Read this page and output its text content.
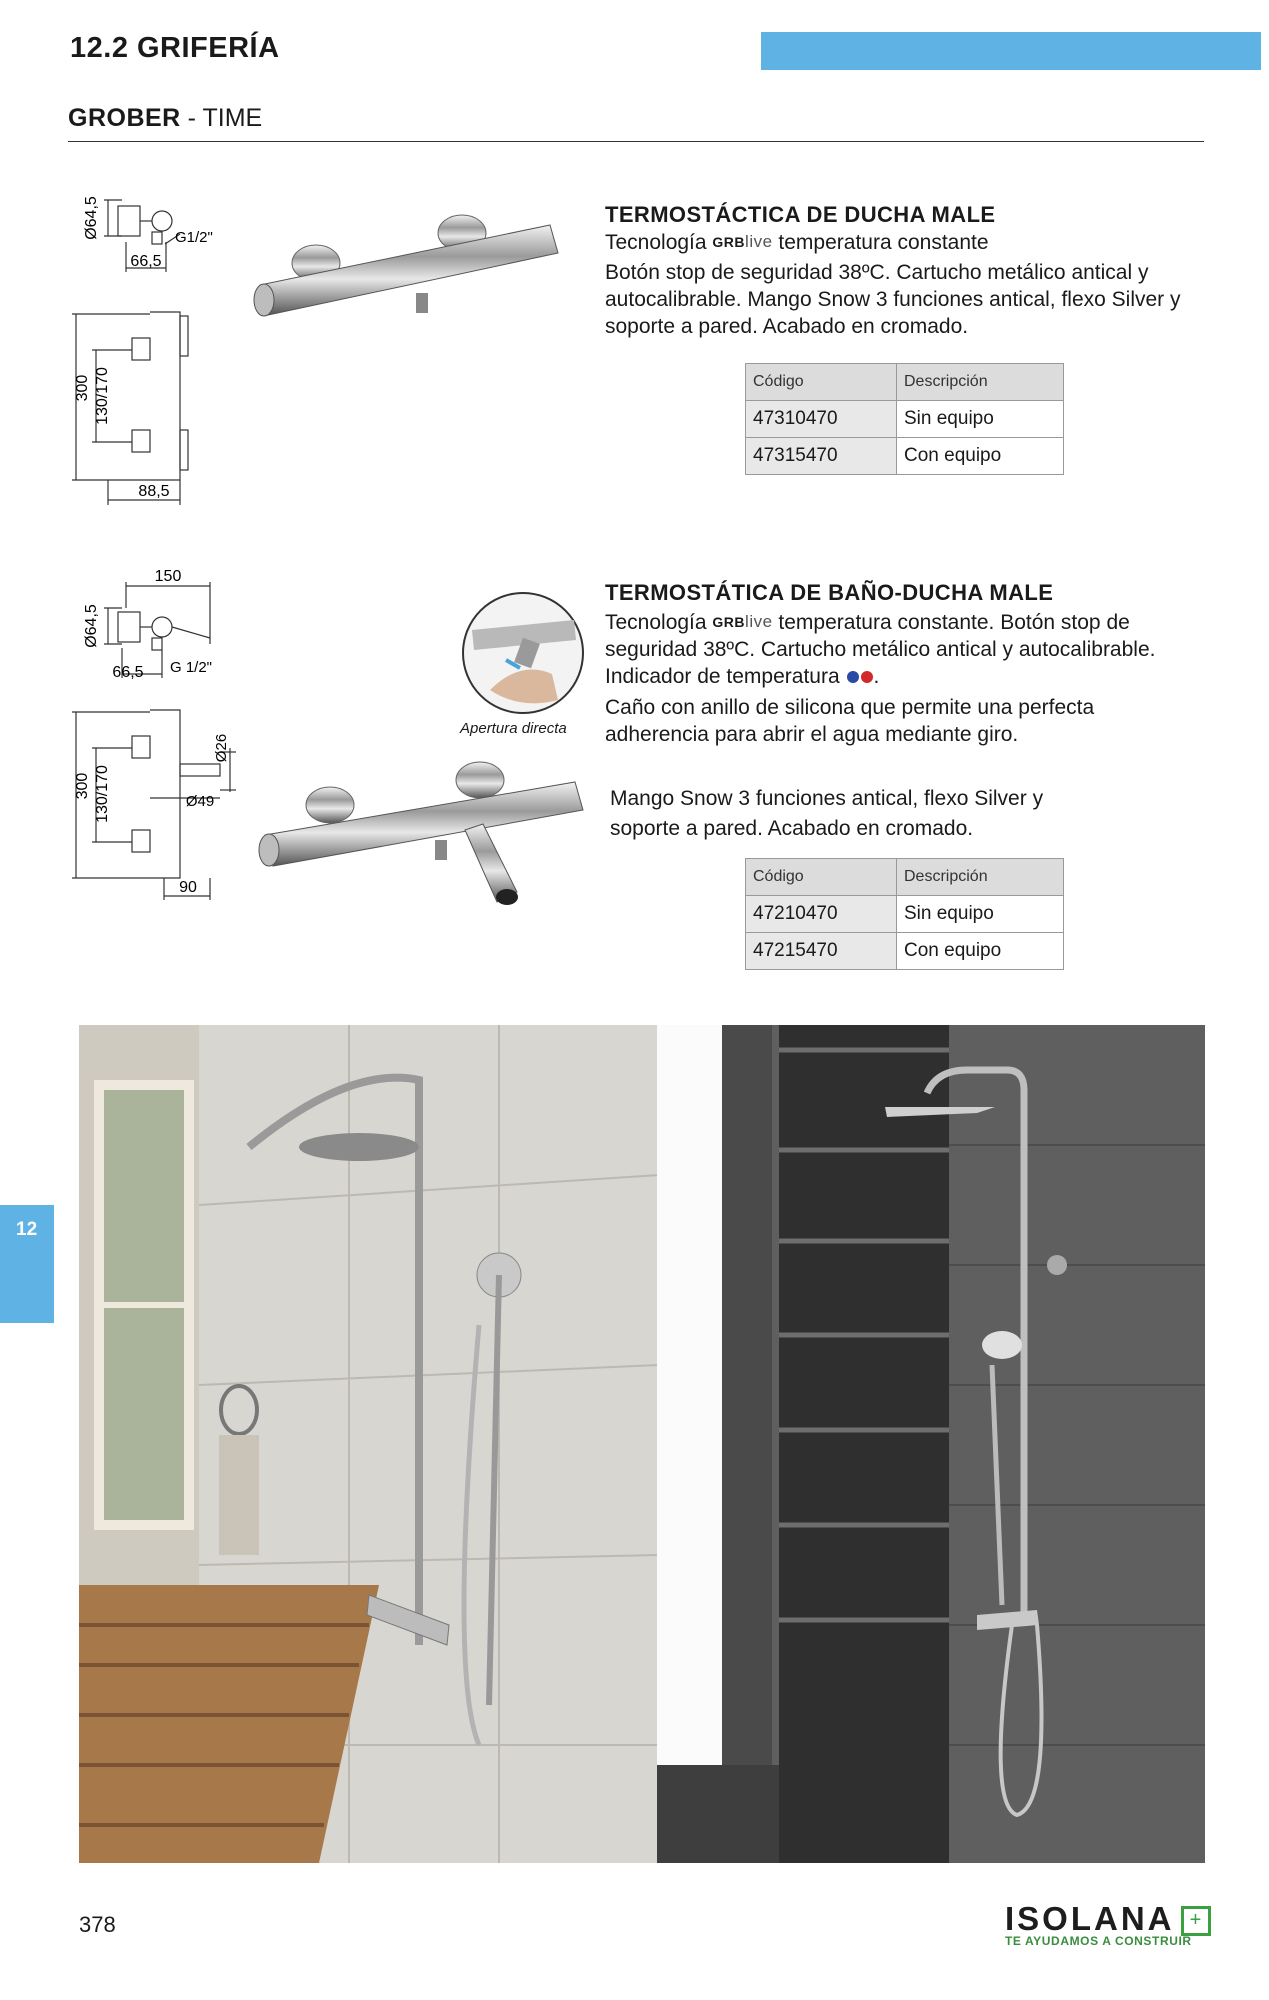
12.2 GRIFERÍA
GROBER - TIME
Ø64,5	G1/2"
66,5
300 130/170
88,5
TERMOSTÁCTICA DE DUCHA MALE
Tecnología GRBlive temperatura constante
Botón stop de seguridad 38ºC. Cartucho metálico antical y autocalibrable. Mango Snow 3 funciones antical, flexo Silver y soporte a pared. Acabado en cromado.
Código	Descripción
47310470	Sin equipo
47315470	Con equipo
150
Ø64,5
66,5 G 1/2"
300 130/170
Ø26
Ø49
90
Apertura directa
TERMOSTÁTICA DE BAÑO-DUCHA MALE
Tecnología GRBlive temperatura constante. Botón stop de seguridad 38ºC. Cartucho metálico antical y autocalibrable. Indicador de temperatura .
Caño con anillo de silicona que permite una perfecta adherencia para abrir el agua mediante giro.
Mango Snow 3 funciones antical, flexo Silver y soporte a pared. Acabado en cromado.
Código	Descripción
47210470	Sin equipo
47215470	Con equipo
12
378	ISOLANA +
TE AYUDAMOS A CONSTRUIR
